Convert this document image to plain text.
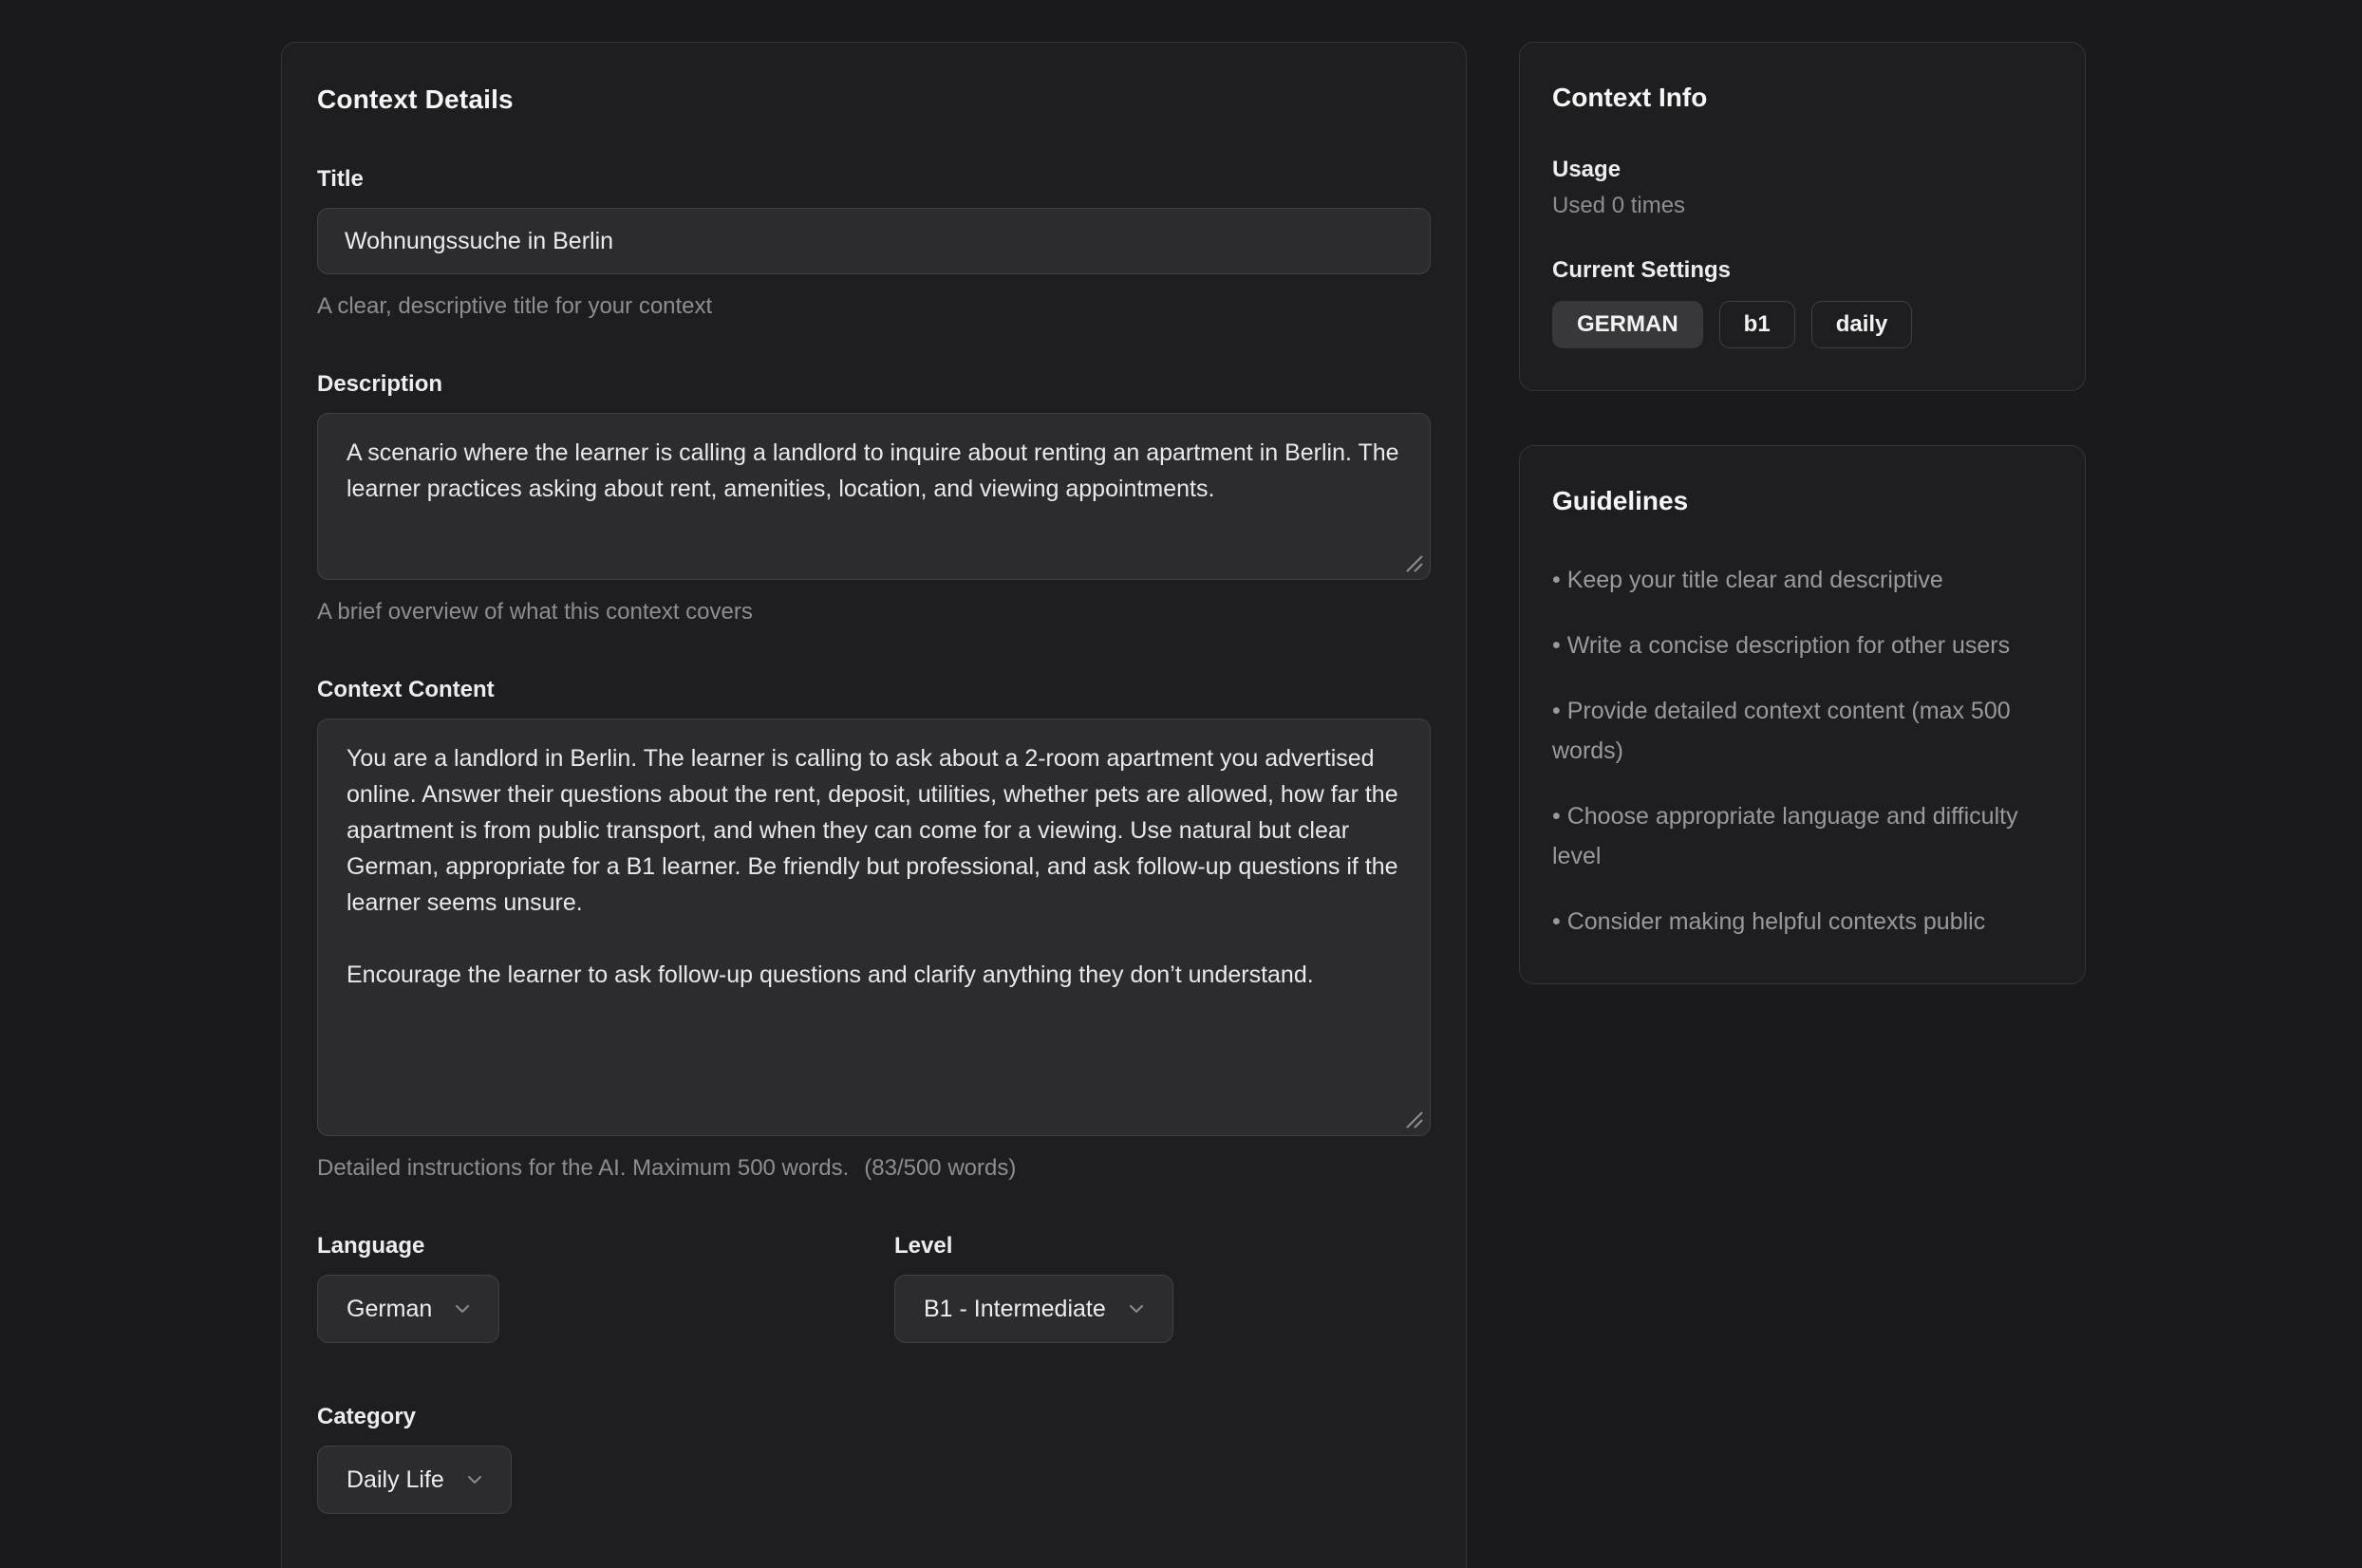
Context Details
Title
Wohnungssuche in Berlin
A clear, descriptive title for your context
Description
A scenario where the learner is calling a landlord to inquire about renting an apartment in Berlin. The learner practices asking about rent, amenities, location, and viewing appointments.
A brief overview of what this context covers
Context Content
You are a landlord in Berlin. The learner is calling to ask about a 2-room apartment you advertised online. Answer their questions about the rent, deposit, utilities, whether pets are allowed, how far the apartment is from public transport, and when they can come for a viewing. Use natural but clear German, appropriate for a B1 learner. Be friendly but professional, and ask follow-up questions if the learner seems unsure. Encourage the learner to ask follow-up questions and clarify anything they don’t understand.
Detailed instructions for the AI. Maximum 500 words. (83/500 words)
Language
German
Level
B1 - Intermediate
Category
Daily Life
Context Info
Usage
Used 0 times
Current Settings
GERMAN	b1	daily
Guidelines
• Keep your title clear and descriptive
• Write a concise description for other users
• Provide detailed context content (max 500 words)
• Choose appropriate language and difficulty level
• Consider making helpful contexts public
